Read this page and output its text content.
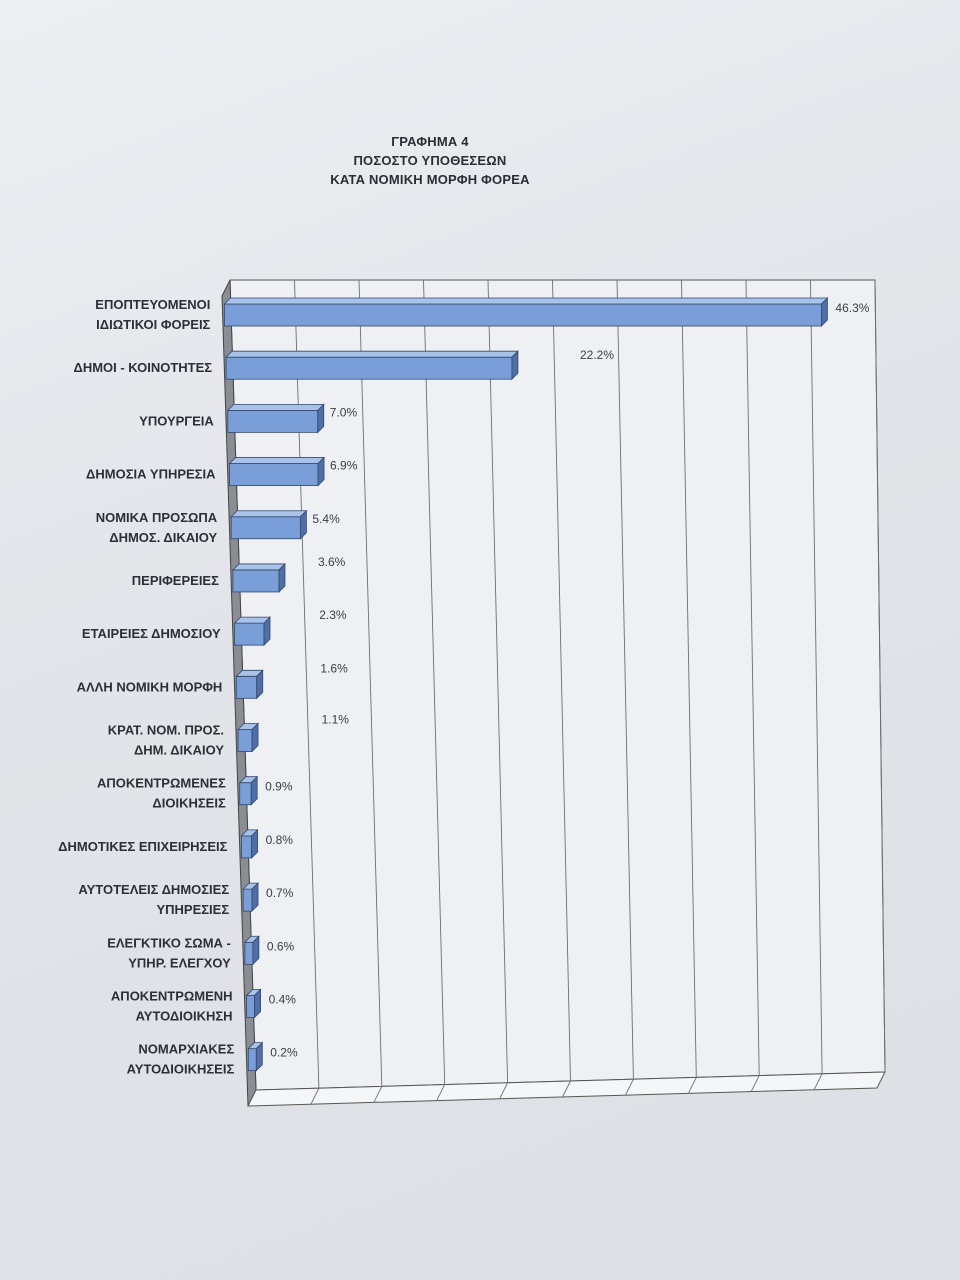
ΓΡΑΦΗΜΑ 4
ΠΟΣΟΣΤΟ ΥΠΟΘΕΣΕΩΝ
ΚΑΤΑ ΝΟΜΙΚΗ ΜΟΡΦΗ ΦΟΡΕΑ
46.3%
ΕΠΟΠΤΕΥΟΜΕΝΟΙ
ΙΔΙΩΤΙΚΟΙ ΦΟΡΕΙΣ
22.2%
ΔΗΜΟΙ - ΚΟΙΝΟΤΗΤΕΣ
7.0%
ΥΠΟΥΡΓΕΙΑ
6.9%
ΔΗΜΟΣΙΑ ΥΠΗΡΕΣΙΑ
5.4%
ΝΟΜΙΚΑ ΠΡΟΣΩΠΑ
ΔΗΜΟΣ. ΔΙΚΑΙΟΥ
3.6%
ΠΕΡΙΦΕΡΕΙΕΣ
2.3%
ΕΤΑΙΡΕΙΕΣ ΔΗΜΟΣΙΟΥ
1.6%
ΑΛΛΗ ΝΟΜΙΚΗ ΜΟΡΦΗ
1.1%
ΚΡΑΤ. ΝΟΜ. ΠΡΟΣ.
ΔΗΜ. ΔΙΚΑΙΟΥ
0.9%
ΑΠΟΚΕΝΤΡΩΜΕΝΕΣ
ΔΙΟΙΚΗΣΕΙΣ
0.8%
ΔΗΜΟΤΙΚΕΣ ΕΠΙΧΕΙΡΗΣΕΙΣ
0.7%
ΑΥΤΟΤΕΛΕΙΣ ΔΗΜΟΣΙΕΣ
ΥΠΗΡΕΣΙΕΣ
0.6%
ΕΛΕΓΚΤΙΚΟ ΣΩΜΑ -
ΥΠΗΡ. ΕΛΕΓΧΟΥ
0.4%
ΑΠΟΚΕΝΤΡΩΜΕΝΗ
ΑΥΤΟΔΙΟΙΚΗΣΗ
0.2%
ΝΟΜΑΡΧΙΑΚΕΣ
ΑΥΤΟΔΙΟΙΚΗΣΕΙΣ
